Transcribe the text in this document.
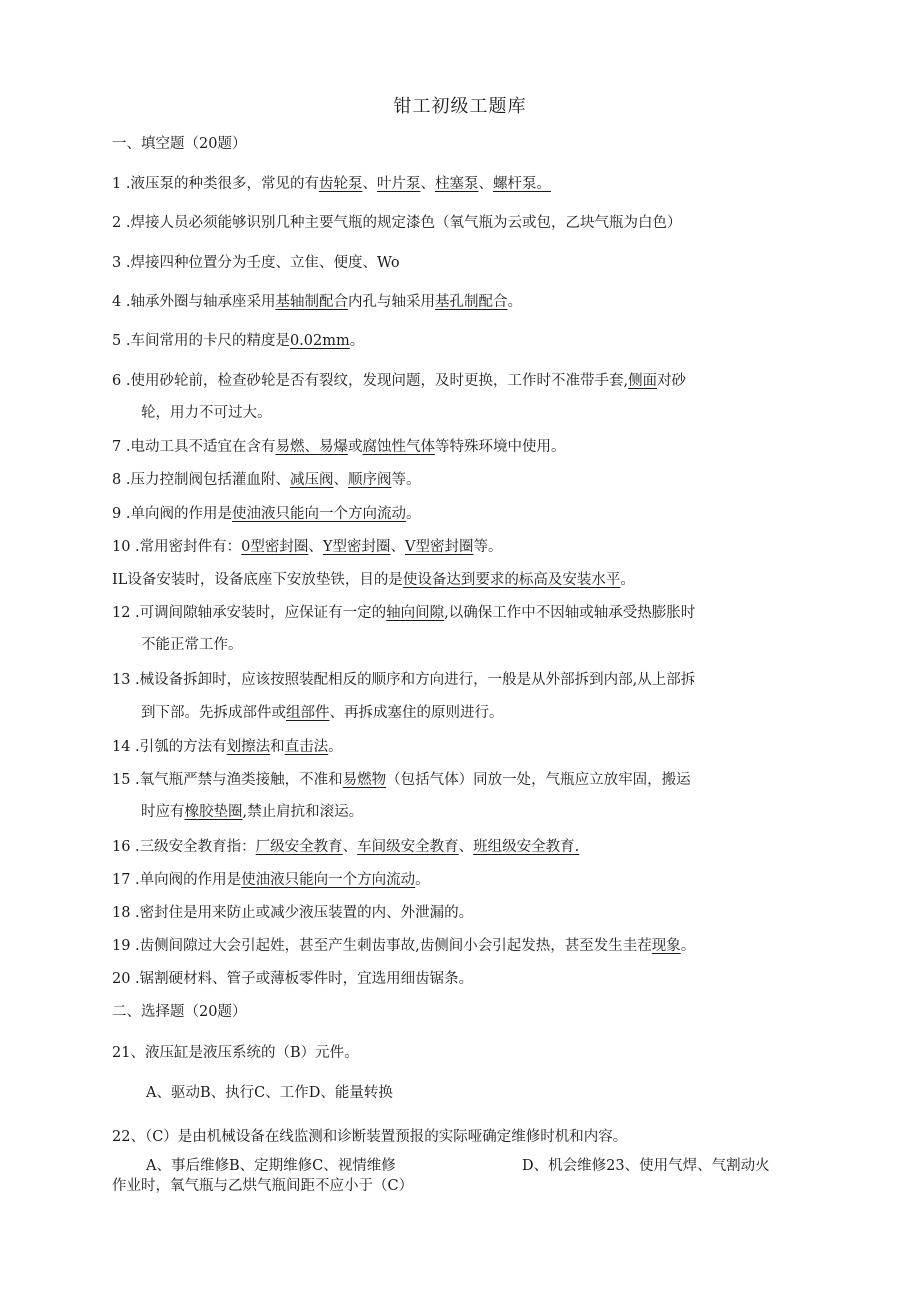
钳工初级工题库
一、填空题（20题）
1 .液压泵的种类很多，常见的有齿轮泵、叶片泵、柱塞泵、螺杆泵。
2 .焊接人员必须能够识别几种主要气瓶的规定漆色（氧气瓶为云或包，乙块气瓶为白色）
3 .焊接四种位置分为壬度、立隹、便度、Wo
4 .轴承外圈与轴承座采用基轴制配合内孔与轴采用基孔制配合。
5 .车间常用的卡尺的精度是0.02mm。
6 .使用砂轮前，检查砂轮是否有裂纹，发现问题，及时更换，工作时不准带手套,侧面对砂
轮，用力不可过大。
7 .电动工具不适宜在含有易燃、易爆或腐蚀性气体等特殊环境中使用。
8 .压力控制阀包括灌血附、减压阀、顺序阀等。
9 .单向阀的作用是使油液只能向一个方向流动。
10 .常用密封件有：0型密封圈、Y型密封圈、V型密封圈等。
IL设备安装时，设备底座下安放垫铁，目的是使设备达到要求的标高及安装水平。
12 .可调间隙轴承安装时，应保证有一定的轴向间隙,以确保工作中不因轴或轴承受热膨胀时
不能正常工作。
13 .械设备拆卸时，应该按照装配相反的顺序和方向进行，一般是从外部拆到内部,从上部拆
到下部。先拆成部件或组部件、再拆成塞住的原则进行。
14 .引瓠的方法有划擦法和直击法。
15 .氧气瓶严禁与渔类接触，不准和易燃物（包括气体）同放一处，气瓶应立放牢固，搬运
时应有橡胶垫圈,禁止肩抗和滚运。
16 .三级安全教育指：厂级安全教育、车间级安全教育、班组级安全教育.
17 .单向阀的作用是使油液只能向一个方向流动。
18 .密封住是用来防止或减少液压装置的内、外泄漏的。
19 .齿侧间隙过大会引起姓，甚至产生刺齿事故,齿侧间小会引起发热，甚至发生圭茬现象。
20 .锯割硬材料、管子或薄板零件时，宜选用细齿锯条。
二、选择题（20题）
21、液压缸是液压系统的（B）元件。
A、驱动B、执行C、工作D、能量转换
22、（C）是由机械设备在线监测和诊断装置预报的实际哑确定维修时机和内容。
A、事后维修B、定期维修C、视情维修	D、机会维修23、使用气焊、气割动火
作业时，氧气瓶与乙烘气瓶间距不应小于（C）
